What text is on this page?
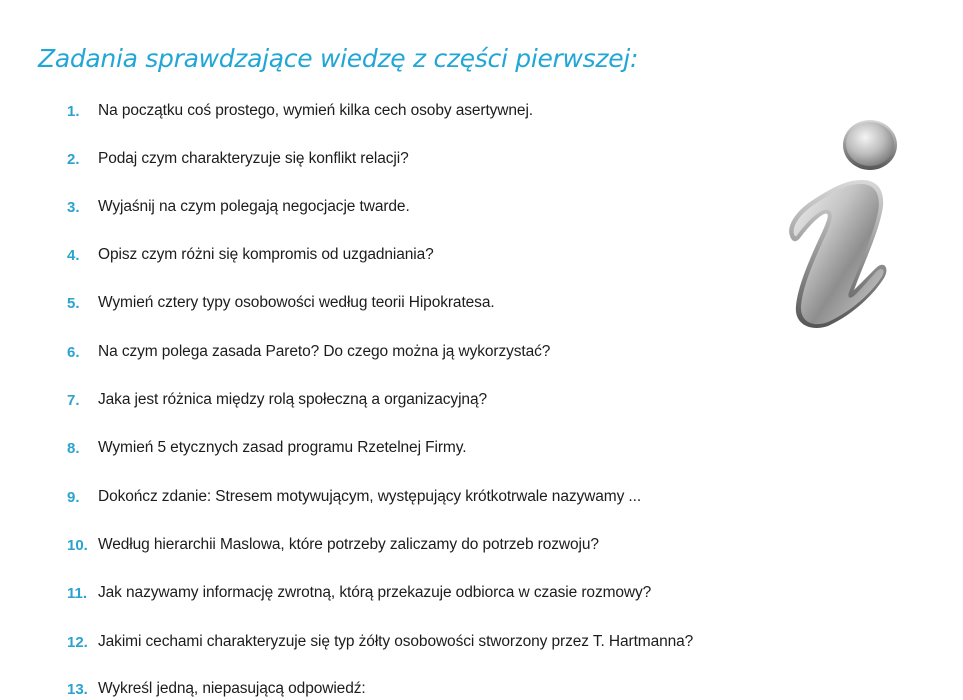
Zadania sprawdzające wiedzę z części pierwszej:
1.	Na początku coś prostego, wymień kilka cech osoby asertywnej.
2.	Podaj czym charakteryzuje się konflikt relacji?
3.	Wyjaśnij na czym polegają negocjacje twarde.
4.	Opisz czym różni się kompromis od uzgadniania?
5.	Wymień cztery typy osobowości według teorii Hipokratesa.
6.	Na czym polega zasada Pareto? Do czego można ją wykorzystać?
7.	Jaka jest różnica między rolą społeczną a organizacyjną?
8.	Wymień 5 etycznych zasad programu Rzetelnej Firmy.
9.	Dokończ zdanie: Stresem motywującym, występujący krótkotrwale nazywamy ...
10. Według hierarchii Maslowa, które potrzeby zaliczamy do potrzeb rozwoju?
11. Jak nazywamy informację zwrotną, którą przekazuje odbiorca w czasie rozmowy?
12. Jakimi cechami charakteryzuje się typ żółty osobowości stworzony przez T. Hartmanna?
13. Wykreśl jedną, niepasującą odpowiedź:
